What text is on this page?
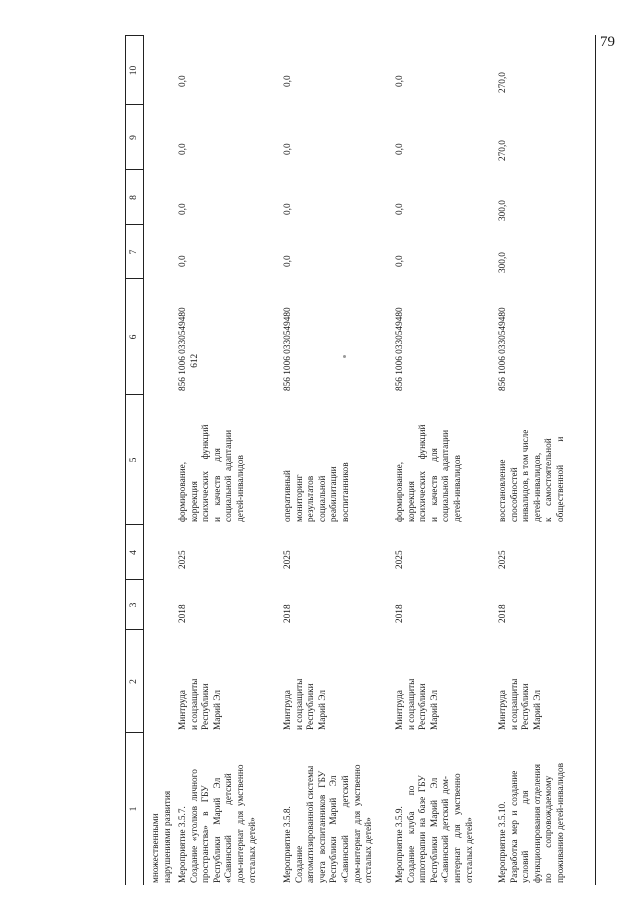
79
1
2
3
4
5
6
7
8
9
10
множественными
нарушениями развития
Мероприятие 3.5.7.
Создание  «уголков  личного
пространства»    в    ГБУ
Республики     Марий    Эл
«Савинский             детский
дом-интернат  для  умственно
отсталых детей»
Минтруда
и соцзащиты
Республики
Марий Эл
2018
2025
формирование,
коррекция
психических     функций
и     качеств      для
социальной  адаптации
детей-инвалидов
856 1006 0330549480
612
0,0
0,0
0,0
0,0
Мероприятие 3.5.8.
Создание
автоматизированной системы
учета   воспитанников   ГБУ
Республики     Марий     Эл
«Савинский            детский
дом-интернат  для  умственно
отсталых детей»
Минтруда
и соцзащиты
Республики
Марий Эл
2018
2025
оперативный
мониторинг
результатов
социальной
реабилитации
воспитанников
856 1006 0330549480
0,0
0,0
0,0
0,0
Мероприятие 3.5.9.
Создание     клуба       по
иппотерапии  на  базе  ГБУ
Республики    Марий     Эл
«Савинский  детский  дом-
интернат    для    умственно
отсталых детей»
Минтруда
и соцзащиты
Республики
Марий Эл
2018
2025
формирование,
коррекция
психических     функций
и     качеств      для
социальной  адаптации
детей-инвалидов
856 1006 0330549480
0,0
0,0
0,0
0,0
Мероприятие 3.5.10.
Разработка  мер  и  создание
условий                    для
функционирования отделения
по           сопровождаемому
проживанию детей-инвалидов
Минтруда
и соцзащиты
Республики
Марий Эл
2018
2025
восстановление
способностей
инвалидов, в том числе
детей-инвалидов,
к     самостоятельной
общественной          и
856 1006 0330549480
300,0
300,0
270,0
270,0
